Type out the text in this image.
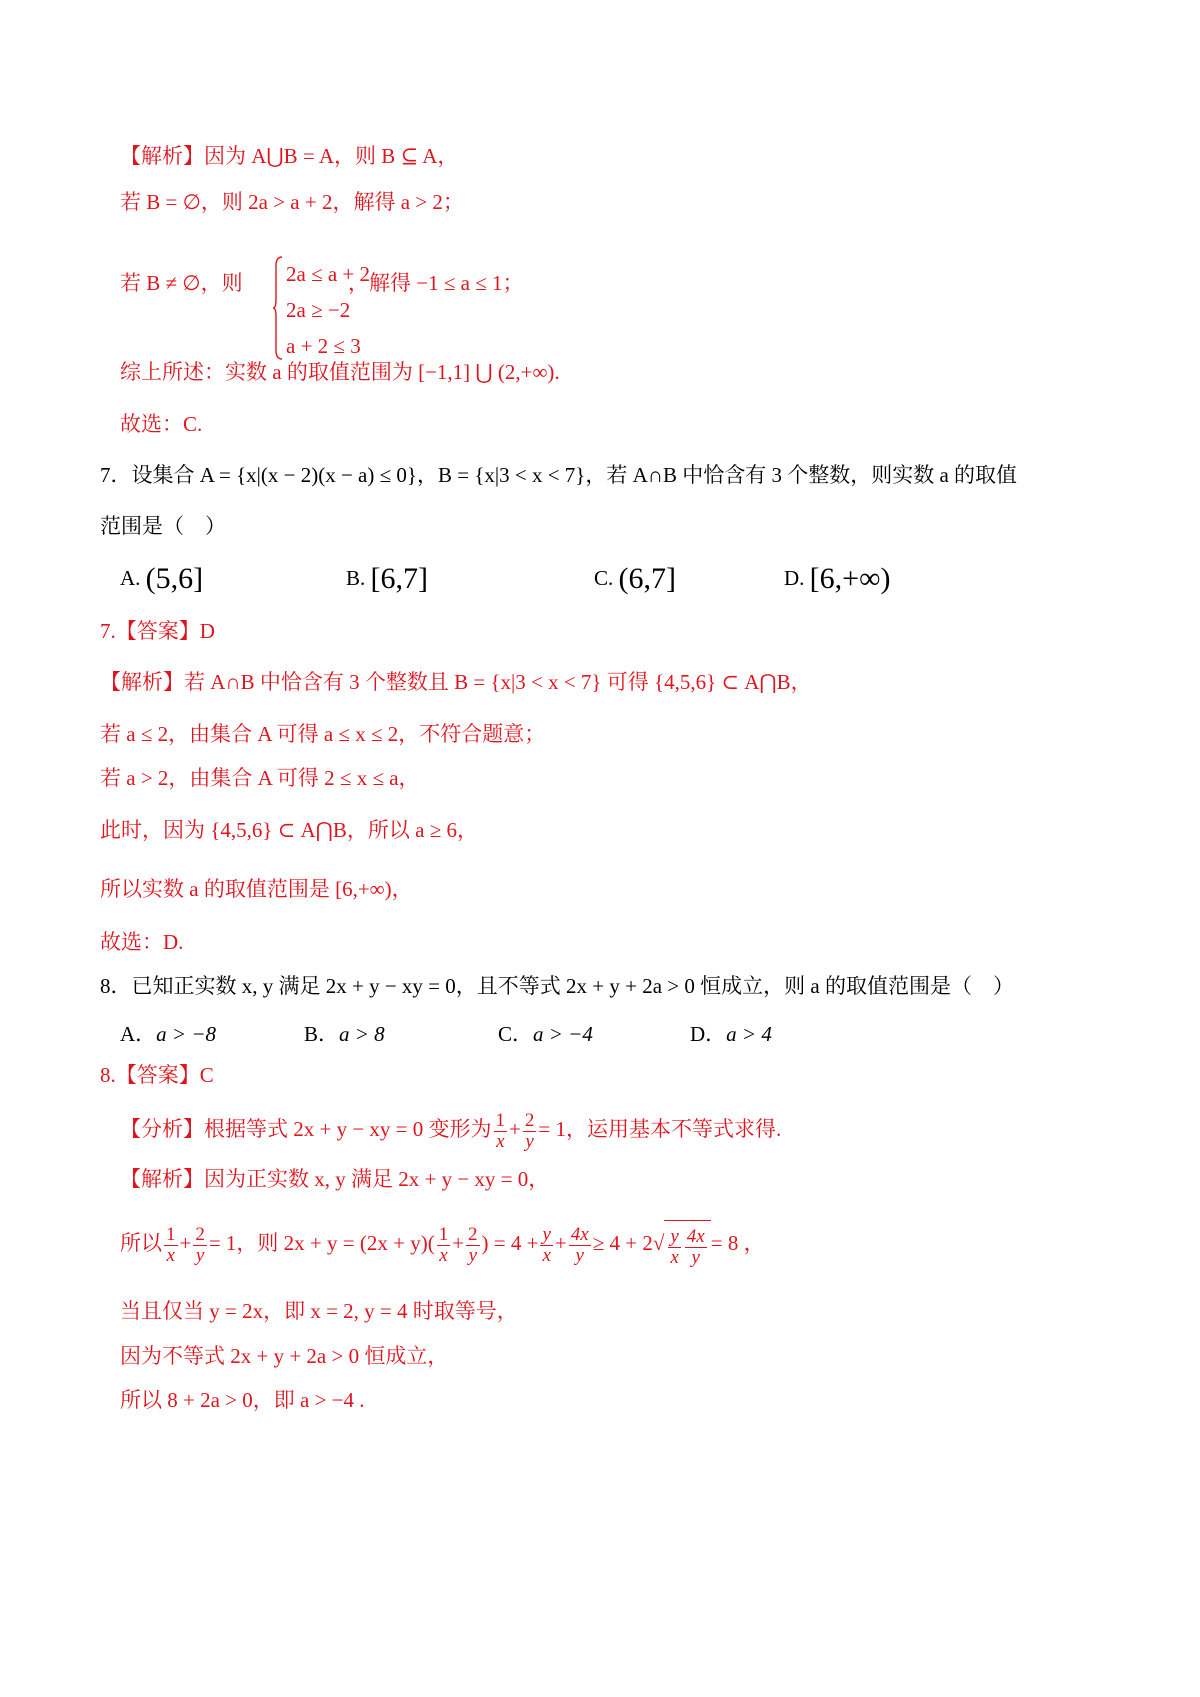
【解析】因为 A⋃B = A，则 B ⊆ A，
若 B = ∅，则 2a > a + 2，解得 a > 2；
若 B ≠ ∅，则 2a ≤ a + 2
2a ≥ −2
a + 2 ≤ 3
，解得 −1 ≤ a ≤ 1；
综上所述：实数 a 的取值范围为 [−1,1] ⋃ (2,+∞).
故选：C.
7．设集合 A = {x|(x − 2)(x − a) ≤ 0}，B = {x|3 < x < 7}，若 A∩B 中恰含有 3 个整数，则实数 a 的取值
范围是（　）
A. (5,6]	B. [6,7]	C. (6,7]	D. [6,+∞)
7.【答案】D
【解析】若 A∩B 中恰含有 3 个整数且 B = {x|3 < x < 7} 可得 {4,5,6} ⊂ A⋂B，
若 a ≤ 2，由集合 A 可得 a ≤ x ≤ 2，不符合题意；
若 a > 2，由集合 A 可得 2 ≤ x ≤ a，
此时，因为 {4,5,6} ⊂ A⋂B，所以 a ≥ 6，
所以实数 a 的取值范围是 [6,+∞)，
故选：D.
8．已知正实数 x, y 满足 2x + y − xy = 0，且不等式 2x + y + 2a > 0 恒成立，则 a 的取值范围是（　）
A．a > −8	B．a > 8	C．a > −4	D．a > 4
8.【答案】C
【分析】根据等式 2x + y − xy = 0 变形为 $\frac{1}{x} + \frac{2}{y} = 1$，运用基本不等式求得.
【解析】因为正实数 x, y 满足 2x + y − xy = 0，
所以 $\frac{1}{x} + \frac{2}{y} = 1$，则 $2x + y = (2x + y)( \frac{1}{x} + \frac{2}{y}$ ) = $4 + \frac{y}{x} + \frac{4x}{y} \ge 4 + 2√ \frac{y}{x} \frac{4x}{y} = 8$ ，
当且仅当 y = 2x，即 x = 2, y = 4 时取等号，
因为不等式 2x + y + 2a > 0 恒成立，
所以 8 + 2a > 0，即 a > −4 .
